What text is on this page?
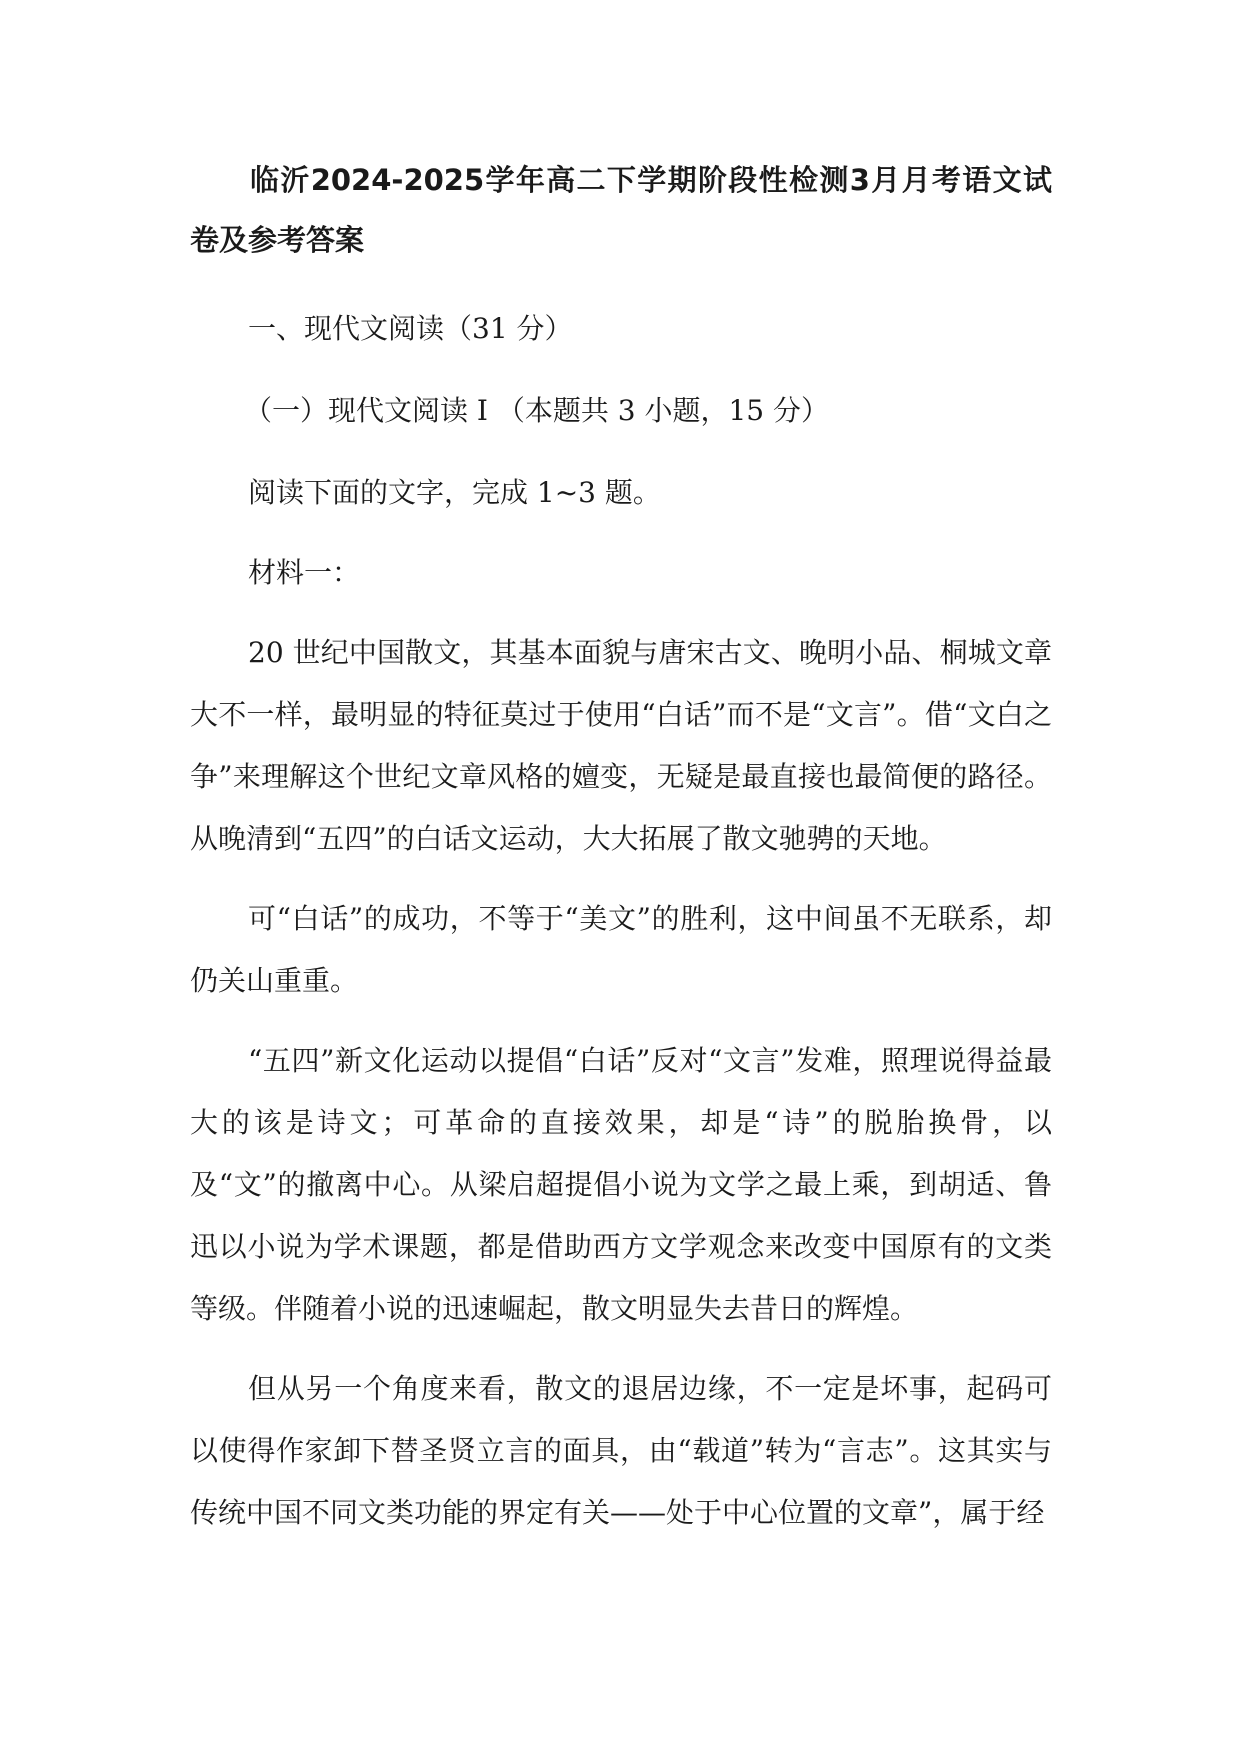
临沂2024-2025学年高二下学期阶段性检测3月月考语文试卷及参考答案
一、现代文阅读（31 分）
（一）现代文阅读 I （本题共 3 小题，15 分）
阅读下面的文字，完成 1~3 题。
材料一：
20 世纪中国散文，其基本面貌与唐宋古文、晚明小品、桐城文章大不一样，最明显的特征莫过于使用“白话”而不是“文言”。借“文白之争”来理解这个世纪文章风格的嬗变，无疑是最直接也最简便的路径。从晚清到“五四”的白话文运动，大大拓展了散文驰骋的天地。
可“白话”的成功，不等于“美文”的胜利，这中间虽不无联系，却仍关山重重。
“五四”新文化运动以提倡“白话”反对“文言”发难，照理说得益最大的该是诗文；可革命的直接效果，却是“诗”的脱胎换骨，以及“文”的撤离中心。从梁启超提倡小说为文学之最上乘，到胡适、鲁迅以小说为学术课题，都是借助西方文学观念来改变中国原有的文类等级。伴随着小说的迅速崛起，散文明显失去昔日的辉煌。
但从另一个角度来看，散文的退居边缘，不一定是坏事，起码可以使得作家卸下替圣贤立言的面具，由“载道”转为“言志”。这其实与传统中国不同文类功能的界定有关——处于中心位置的文章”，属于经
